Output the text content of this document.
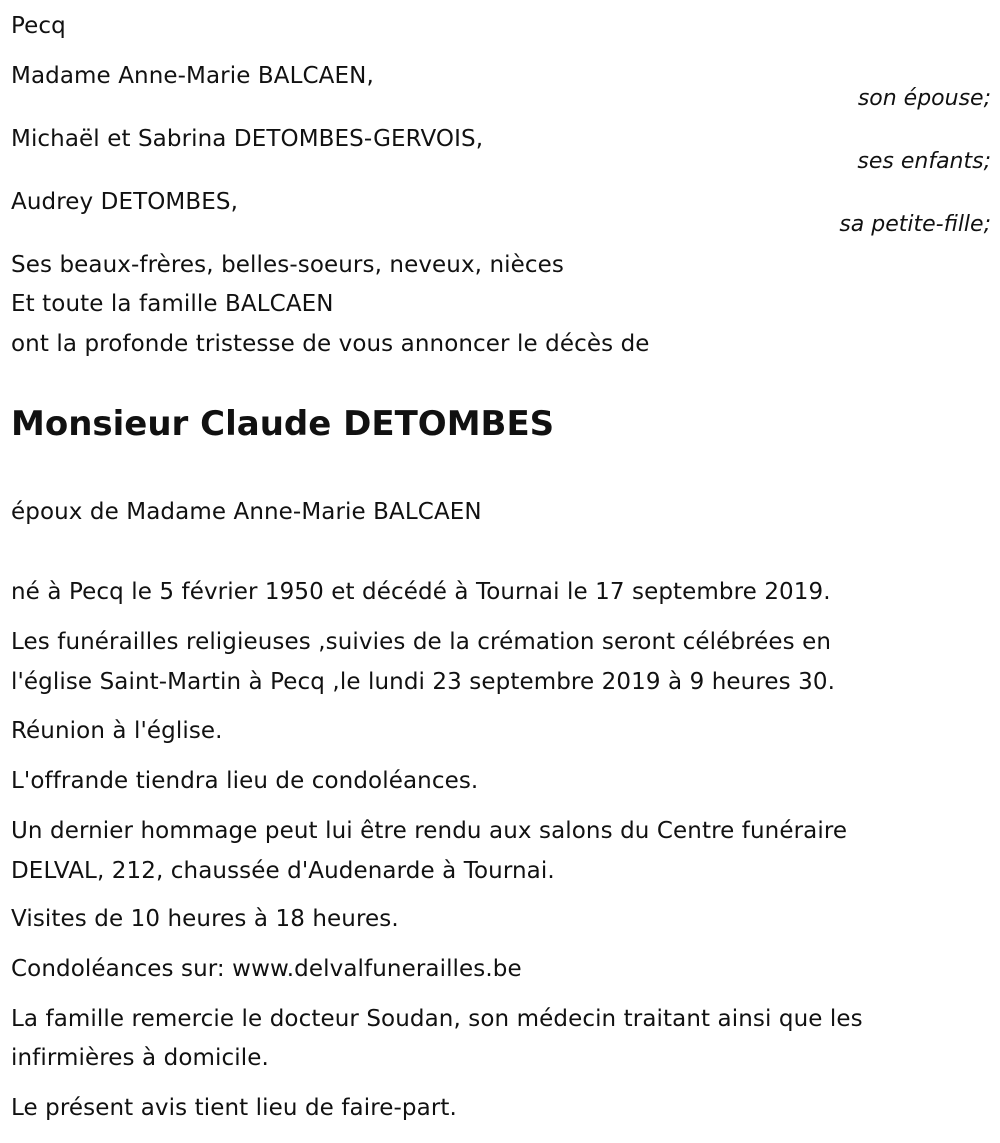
Pecq
Madame Anne-Marie BALCAEN,
son épouse;
Michaël et Sabrina DETOMBES-GERVOIS,
ses enfants;
Audrey DETOMBES,
sa petite-fille;
Ses beaux-frères, belles-soeurs, neveux, nièces
Et toute la famille BALCAEN
ont la profonde tristesse de vous annoncer le décès de
Monsieur Claude DETOMBES
époux de Madame Anne-Marie BALCAEN
né à Pecq le 5 février 1950 et décédé à Tournai le 17 septembre 2019.
Les funérailles religieuses ,suivies de la crémation seront célébrées en
l'église Saint-Martin à Pecq ,le lundi 23 septembre 2019 à 9 heures 30.
Réunion à l'église.
L'offrande tiendra lieu de condoléances.
Un dernier hommage peut lui être rendu aux salons du Centre funéraire
DELVAL, 212, chaussée d'Audenarde à Tournai.
Visites de 10 heures à 18 heures.
Condoléances sur: www.delvalfunerailles.be
La famille remercie le docteur Soudan, son médecin traitant ainsi que les
infirmières à domicile.
Le présent avis tient lieu de faire-part.
